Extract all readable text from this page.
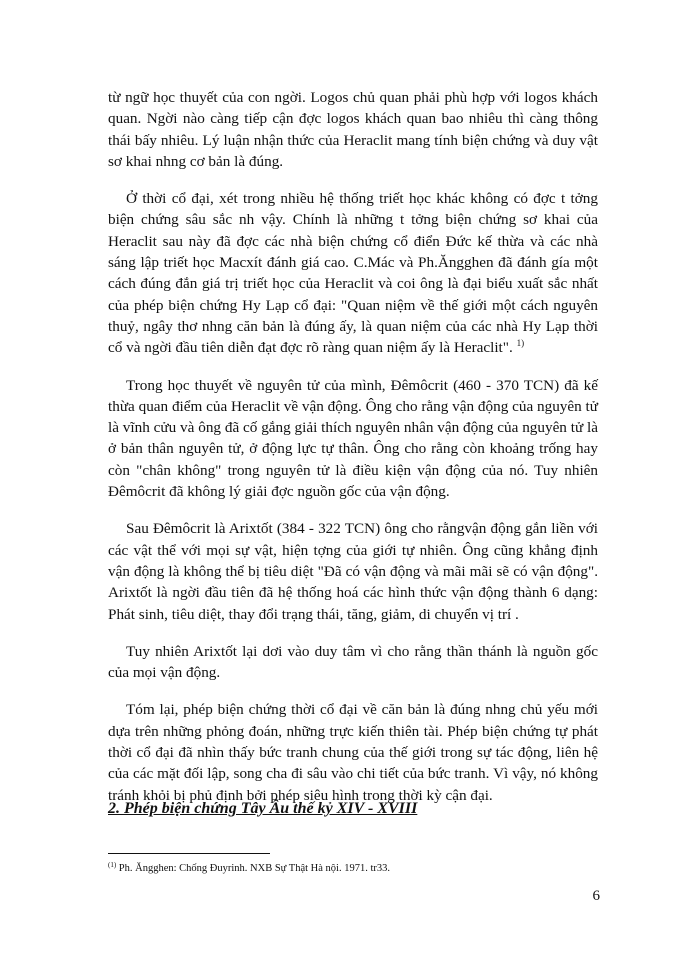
từ ngữ học thuyết của con ngời. Logos chủ quan phải phù hợp với logos khách quan. Ngời nào càng tiếp cận đợc logos khách quan bao nhiêu thì càng thông thái bấy nhiêu. Lý luận nhận thức của Heraclit mang tính biện chứng và duy vật sơ khai nhng cơ bản là đúng.

Ở thời cổ đại, xét trong nhiều hệ thống triết học khác không có đợc t tởng biện chứng sâu sắc nh vậy. Chính là những t tởng biện chứng sơ khai của Heraclit sau này đã đợc các nhà biện chứng cổ điển Đức kế thừa và các nhà sáng lập triết học Macxít đánh giá cao. C.Mác và Ph.Ăngghen đã đánh gía một cách đúng đắn giá trị triết học của Heraclit và coi ông là đại biểu xuất sắc nhất của phép biện chứng Hy Lạp cổ đại: "Quan niệm về thế giới một cách nguyên thuỷ, ngây thơ nhng căn bản là đúng ấy, là quan niệm của các nhà Hy Lạp thời cổ và ngời đầu tiên diễn đạt đợc rõ ràng quan niệm ấy là Heraclit". $^{1)}$

Trong học thuyết về nguyên tử của mình, Đêmôcrit (460 - 370 TCN) đã kế thừa quan điểm của Heraclit về vận động. Ông cho rằng vận động của nguyên tử là vĩnh cửu và ông đã cố gắng giải thích nguyên nhân vận động của nguyên tử là ở bản thân nguyên tử, ở động lực tự thân. Ông cho rằng còn khoảng trống hay còn "chân không" trong nguyên tử là điều kiện vận động của nó. Tuy nhiên Đêmôcrit đã không lý giải đợc nguồn gốc của vận động.

Sau Đêmôcrit là Arixtốt (384 - 322 TCN) ông cho rằngvận động gắn liền với các vật thể với mọi sự vật, hiện tợng của giới tự nhiên. Ông cũng khẳng định vận động là không thể bị tiêu diệt "Đã có vận động và mãi mãi sẽ có vận động". Arixtốt là ngời đầu tiên đã hệ thống hoá các hình thức vận động thành 6 dạng: Phát sinh, tiêu diệt, thay đổi trạng thái, tăng, giảm, di chuyển vị trí .

Tuy nhiên Arixtốt lại dơi vào duy tâm vì cho rằng thần thánh là nguồn gốc của mọi vận động.

Tóm lại, phép biện chứng thời cổ đại về căn bản là đúng nhng chủ yếu mới dựa trên những phỏng đoán, những trực kiến thiên tài. Phép biện chứng tự phát thời cổ đại đã nhìn thấy bức tranh chung của thế giới trong sự tác động, liên hệ của các mặt đối lập, song cha đi sâu vào chi tiết của bức tranh. Vì vậy, nó không tránh khỏi bị phủ định bởi phép siêu hình trong thời kỳ cận đại.

2. Phép biện chứng Tây Âu thế kỷ XIV - XVIII
$^{(1)}$ Ph. Ăngghen: Chống Đuyrinh. NXB Sự Thật Hà nội. 1971. tr33.
6
